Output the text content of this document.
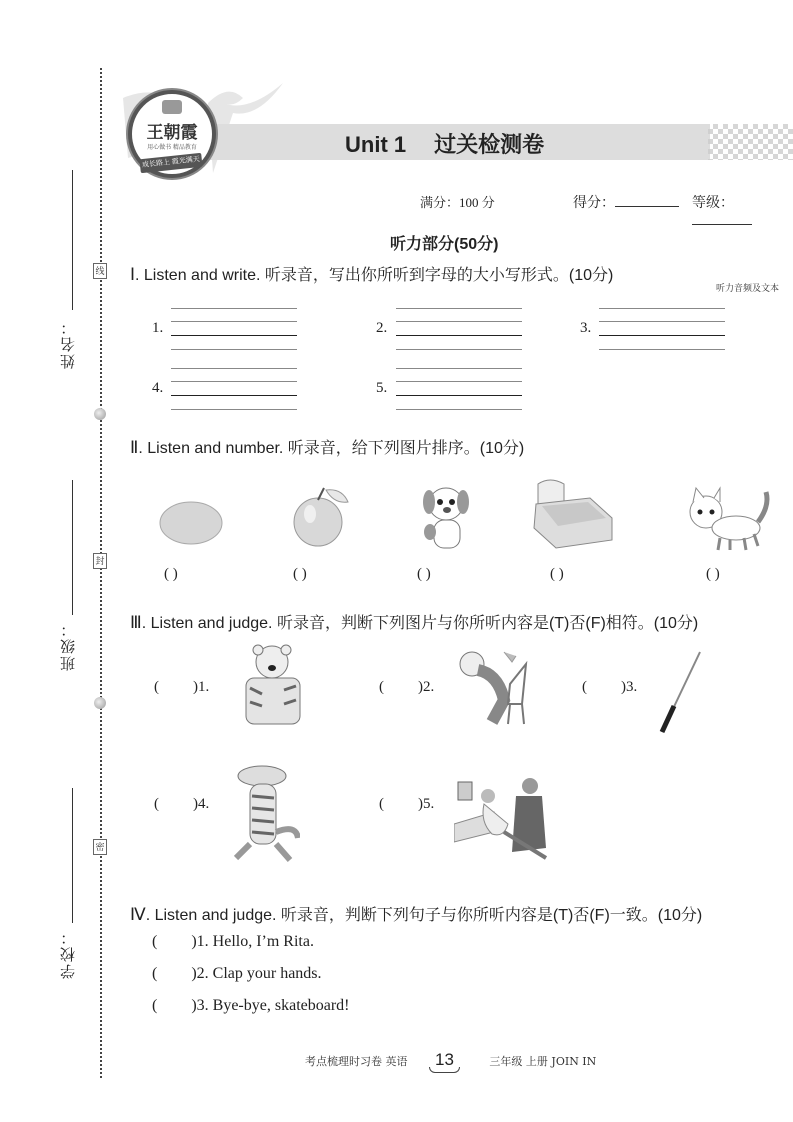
线
封
密
姓名：
班级：
学校：
王朝霞
用心做书 精品教育
成长路上 霞光满天
Unit 1 过关检测卷
满分：100 分	得分：	等级：
听力部分(50分)
Ⅰ. Listen and write. 听录音，写出你所听到字母的大小写形式。(10分)
听力音频及文本
1.	2.	3.
4.	5.
Ⅱ. Listen and number. 听录音，给下列图片排序。(10分)
( )	( )	( )	( )	( )
Ⅲ. Listen and judge. 听录音，判断下列图片与你所听内容是(T)否(F)相符。(10分)
( )1.	( )2.	( )3.
( )4.	( )5.
Ⅳ. Listen and judge. 听录音，判断下列句子与你所听内容是(T)否(F)一致。(10分)
( )1. Hello, I’m Rita.
( )2. Clap your hands.
( )3. Bye-bye, skateboard!
考点梳理时习卷 英语 13	三年级 上册 JOIN IN
